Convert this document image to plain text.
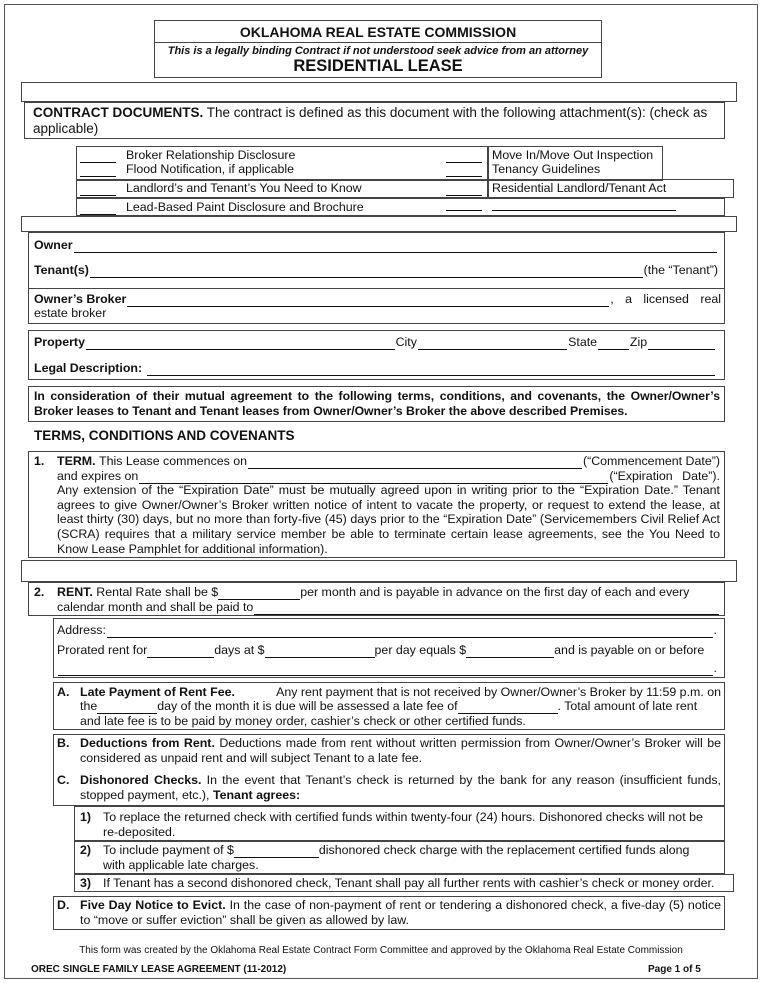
OKLAHOMA REAL ESTATE COMMISSION
This is a legally binding Contract if not understood seek advice from an attorney
RESIDENTIAL LEASE
CONTRACT DOCUMENTS. The contract is defined as this document with the following attachment(s): (check as applicable)
Broker Relationship Disclosure
Flood Notification, if applicable
Landlord’s and Tenant’s You Need to Know
Lead-Based Paint Disclosure and Brochure
Move In/Move Out Inspection
Tenancy Guidelines
Residential Landlord/Tenant Act
Owner
Tenant(s)	(the “Tenant”)
Owner’s Broker	, a licensed real
estate broker
Property	City	State	Zip
Legal Description:
In consideration of their mutual agreement to the following terms, conditions, and covenants, the Owner/Owner’s Broker leases to Tenant and Tenant leases from Owner/Owner’s Broker the above described Premises.
TERMS, CONDITIONS AND COVENANTS
1. TERM.
This Lease commences on	(“Commencement Date”)
and expires on	(“Expiration Date”).
Any extension of the “Expiration Date” must be mutually agreed upon in writing prior to the “Expiration Date.” Tenant agrees to give Owner/Owner’s Broker written notice of intent to vacate the property, or request to extend the lease, at least thirty (30) days, but no more than forty-five (45) days prior to the “Expiration Date” (Servicemembers Civil Relief Act (SCRA) requires that a military service member be able to terminate certain lease agreements, see the You Need to Know Lease Pamphlet for additional information).
2. RENT.
Rental Rate shall be $	per month and is payable in advance on the first day of each and every
calendar month and shall be paid to
Address:	.
Prorated rent for	days at $	per day equals $	and is payable on or before
.
A. Late Payment of Rent Fee.	Any rent payment that is not received by Owner/Owner’s Broker by 11:59 p.m. on
the	day of the month it is due will be assessed a late fee of	. Total amount of late rent
and late fee is to be paid by money order, cashier’s check or other certified funds.
B. Deductions from Rent. Deductions made from rent without written permission from Owner/Owner’s Broker will be considered as unpaid rent and will subject Tenant to a late fee.
C. Dishonored Checks. In the event that Tenant’s check is returned by the bank for any reason (insufficient funds, stopped payment, etc.), Tenant agrees:
1) To replace the returned check with certified funds within twenty-four (24) hours. Dishonored checks will not be re-deposited.
2) To include payment of $	dishonored check charge with the replacement certified funds along
with applicable late charges.
3) If Tenant has a second dishonored check, Tenant shall pay all further rents with cashier’s check or money order.
D. Five Day Notice to Evict. In the case of non-payment of rent or tendering a dishonored check, a five-day (5) notice to “move or suffer eviction” shall be given as allowed by law.
This form was created by the Oklahoma Real Estate Contract Form Committee and approved by the Oklahoma Real Estate Commission
OREC SINGLE FAMILY LEASE AGREEMENT (11-2012)	Page 1 of 5
